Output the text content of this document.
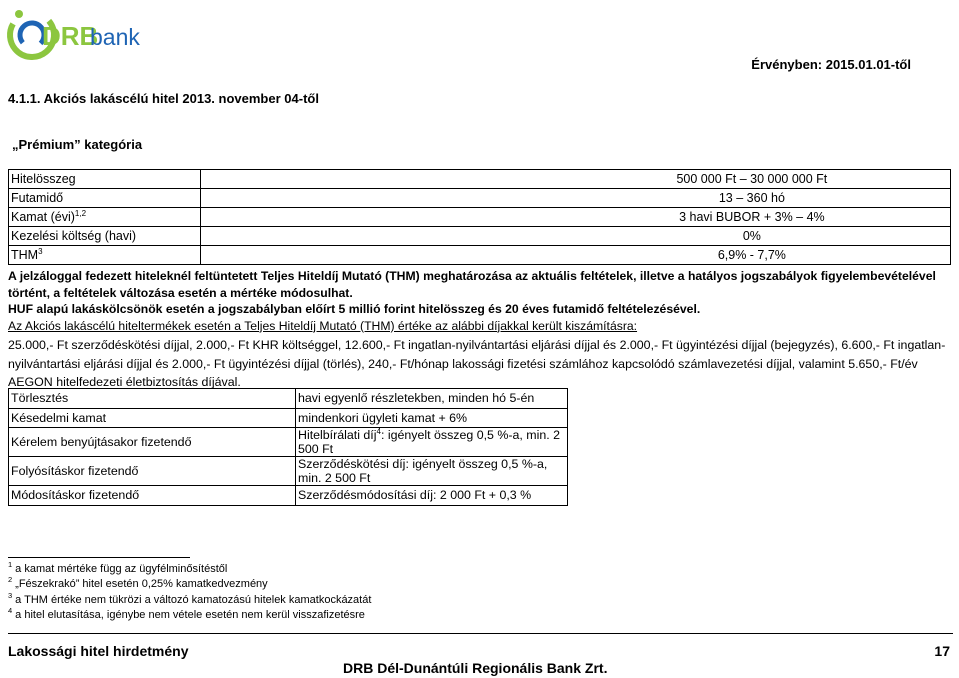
DRB
bank
Érvényben: 2015.01.01-től
4.1.1. Akciós lakáscélú hitel 2013. november 04-től
„Prémium” kategória
Hitelösszeg	500 000 Ft – 30 000 000 Ft
Futamidő	13 – 360 hó
Kamat (évi)$^{1,2}$	3 havi BUBOR + 3% – 4%
Kezelési költség (havi)	0%
THM$^3$	6,9% - 7,7%

A jelzáloggal fedezett hiteleknél feltüntetett Teljes Hiteldíj Mutató (THM) meghatározása az aktuális feltételek, illetve a hatályos jogszabályok figyelembevételével történt, a feltételek változása esetén a mértéke módosulhat.

HUF alapú lakáskölcsönök esetén a jogszabályban előírt 5 millió forint hitelösszeg és 20 éves futamidő feltételezésével.

Az Akciós lakáscélú hiteltermékek esetén a Teljes Hiteldíj Mutató (THM) értéke az alábbi díjakkal került kiszámításra:

25.000,- Ft szerződéskötési díjjal, 2.000,- Ft KHR költséggel, 12.600,- Ft ingatlan-nyilvántartási eljárási díjjal és 2.000,- Ft ügyintézési díjjal (bejegyzés), 6.600,- Ft ingatlan-nyilvántartási eljárási díjjal és 2.000,- Ft ügyintézési díjjal (törlés), 240,- Ft/hónap lakossági fizetési számlához kapcsolódó számlavezetési díjjal, valamint 5.650,- Ft/év AEGON hitelfedezeti életbiztosítás díjával.

Törlesztés	havi egyenlő részletekben, minden hó 5-én
Késedelmi kamat	mindenkori ügyleti kamat + 6%
Kérelem benyújtásakor fizetendő	Hitelbírálati díj$^4$: igényelt összeg 0,5 %-a, min. 2 500 Ft
Folyósításkor fizetendő	Szerződéskötési díj: igényelt összeg 0,5 %-a, min. 2 500 Ft
Módosításkor fizetendő	Szerződésmódosítási díj: 2 000 Ft + 0,3 %
$^1$ a kamat mértéke függ az ügyfélminősítéstől
$^2$ „Fészekrakó” hitel esetén 0,25% kamatkedvezmény
$^3$ a THM értéke nem tükrözi a változó kamatozású hitelek kamatkockázatát
$^4$ a hitel elutasítása, igénybe nem vétele esetén nem kerül visszafizetésre
Lakossági hitel hirdetmény	17
DRB Dél-Dunántúli Regionális Bank Zrt.
